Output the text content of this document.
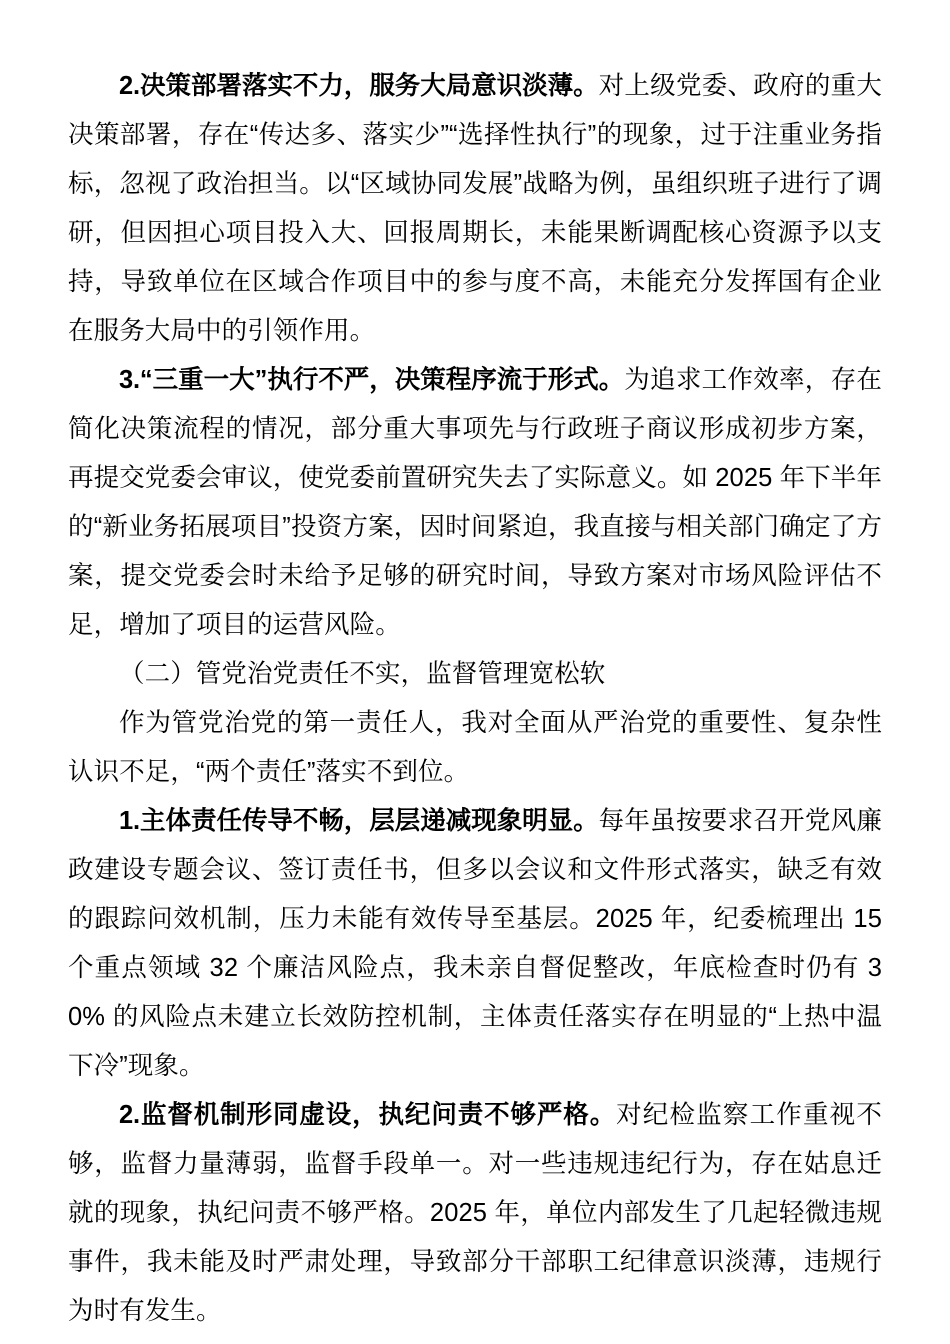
2.决策部署落实不力，服务大局意识淡薄。对上级党委、政府的重大决策部署，存在“传达多、落实少”“选择性执行”的现象，过于注重业务指标，忽视了政治担当。以“区域协同发展”战略为例，虽组织班子进行了调研，但因担心项目投入大、回报周期长，未能果断调配核心资源予以支持，导致单位在区域合作项目中的参与度不高，未能充分发挥国有企业在服务大局中的引领作用。

3.“三重一大”执行不严，决策程序流于形式。为追求工作效率，存在简化决策流程的情况，部分重大事项先与行政班子商议形成初步方案，再提交党委会审议，使党委前置研究失去了实际意义。如 2025 年下半年的“新业务拓展项目”投资方案，因时间紧迫，我直接与相关部门确定了方案，提交党委会时未给予足够的研究时间，导致方案对市场风险评估不足，增加了项目的运营风险。

（二）管党治党责任不实，监督管理宽松软

作为管党治党的第一责任人，我对全面从严治党的重要性、复杂性认识不足，“两个责任”落实不到位。

1.主体责任传导不畅，层层递减现象明显。每年虽按要求召开党风廉政建设专题会议、签订责任书，但多以会议和文件形式落实，缺乏有效的跟踪问效机制，压力未能有效传导至基层。2025 年，纪委梳理出 15 个重点领域 32 个廉洁风险点，我未亲自督促整改，年底检查时仍有 30% 的风险点未建立长效防控机制，主体责任落实存在明显的“上热中温下冷”现象。

2.监督机制形同虚设，执纪问责不够严格。对纪检监察工作重视不够，监督力量薄弱，监督手段单一。对一些违规违纪行为，存在姑息迁就的现象，执纪问责不够严格。2025 年，单位内部发生了几起轻微违规事件，我未能及时严肃处理，导致部分干部职工纪律意识淡薄，违规行为时有发生。
